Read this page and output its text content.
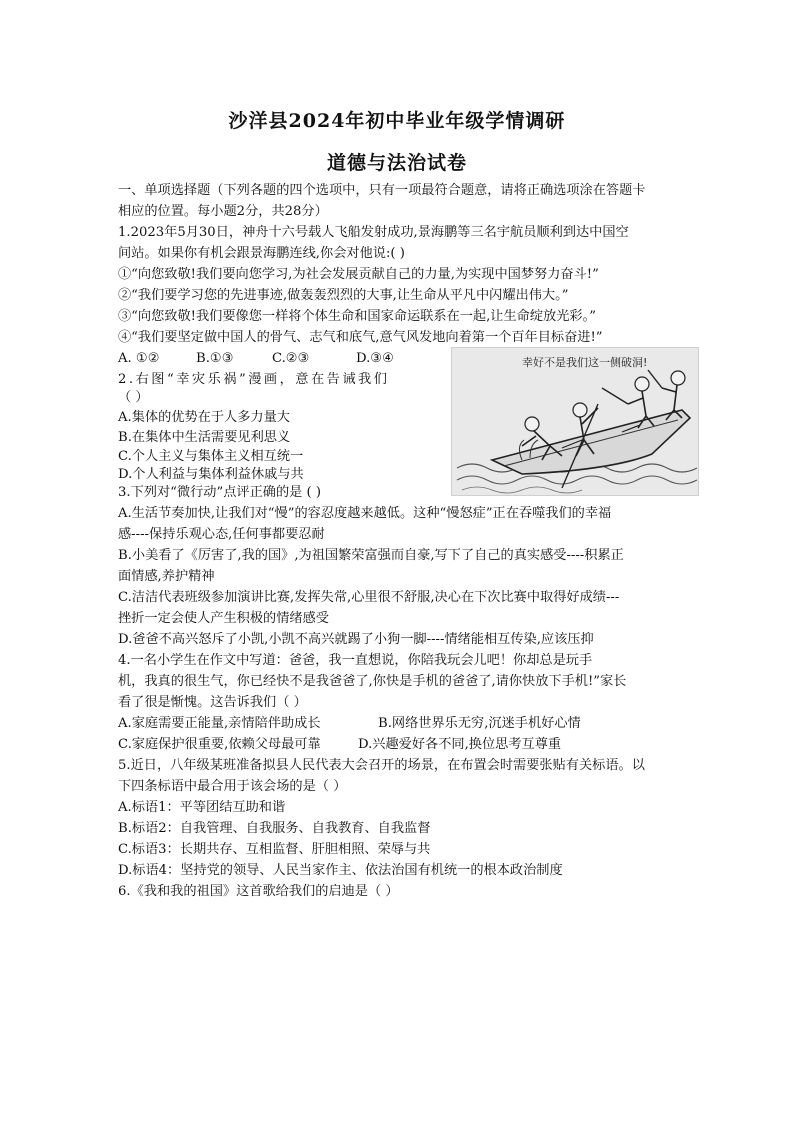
沙洋县2024年初中毕业年级学情调研
道德与法治试卷
一、单项选择题（下列各题的四个选项中，只有一项最符合题意，请将正确选项涂在答题卡
相应的位置。每小题2分，共28分）
1.2023年5月30日，神舟十六号载人飞船发射成功,景海鹏等三名宇航员顺利到达中国空
间站。如果你有机会跟景海鹏连线,你会对他说:( )
①“向您致敬!我们要向您学习,为社会发展贡献自己的力量,为实现中国梦努力奋斗!”
②“我们要学习您的先进事迹,做轰轰烈烈的大事,让生命从平凡中闪耀出伟大。”
③“向您致敬!我们要像您一样将个体生命和国家命运联系在一起,让生命绽放光彩。”
④“我们要坚定做中国人的骨气、志气和底气,意气风发地向着第一个百年目标奋进!”
A. ①②	B.①③	C.②③	D.③④
2.右图“幸灾乐祸”漫画，意在告诫我们
（ ）
A.集体的优势在于人多力量大
B.在集体中生活需要见利思义
C.个人主义与集体主义相互统一
D.个人利益与集体利益休戚与共
幸好不是我们这一侧破洞!
3.下列对“微行动”点评正确的是 ( )
A.生活节奏加快,让我们对“慢”的容忍度越来越低。这种“慢怒症”正在吞噬我们的幸福
感----保持乐观心态,任何事都要忍耐
B.小美看了《厉害了,我的国》,为祖国繁荣富强而自豪,写下了自己的真实感受----积累正
面情感,养护精神
C.洁洁代表班级参加演讲比赛,发挥失常,心里很不舒服,决心在下次比赛中取得好成绩---
挫折一定会使人产生积极的情绪感受
D.爸爸不高兴怒斥了小凯,小凯不高兴就踢了小狗一脚----情绪能相互传染,应该压抑
4.一名小学生在作文中写道：爸爸，我一直想说，你陪我玩会儿吧！你却总是玩手
机，我真的很生气，你已经快不是我爸爸了,你快是手机的爸爸了,请你快放下手机!”家长
看了很是惭愧。这告诉我们（ ）
A.家庭需要正能量,亲情陪伴助成长	B.网络世界乐无穷,沉迷手机好心情
C.家庭保护很重要,依赖父母最可靠	D.兴趣爱好各不同,换位思考互尊重
5.近日，八年级某班准备拟县人民代表大会召开的场景，在布置会时需要张贴有关标语。以
下四条标语中最合用于该会场的是（ ）
A.标语1：平等团结互助和谐
B.标语2：自我管理、自我服务、自我教育、自我监督
C.标语3：长期共存、互相监督、肝胆相照、荣辱与共
D.标语4：坚持党的领导、人民当家作主、依法治国有机统一的根本政治制度
6.《我和我的祖国》这首歌给我们的启迪是（ ）
